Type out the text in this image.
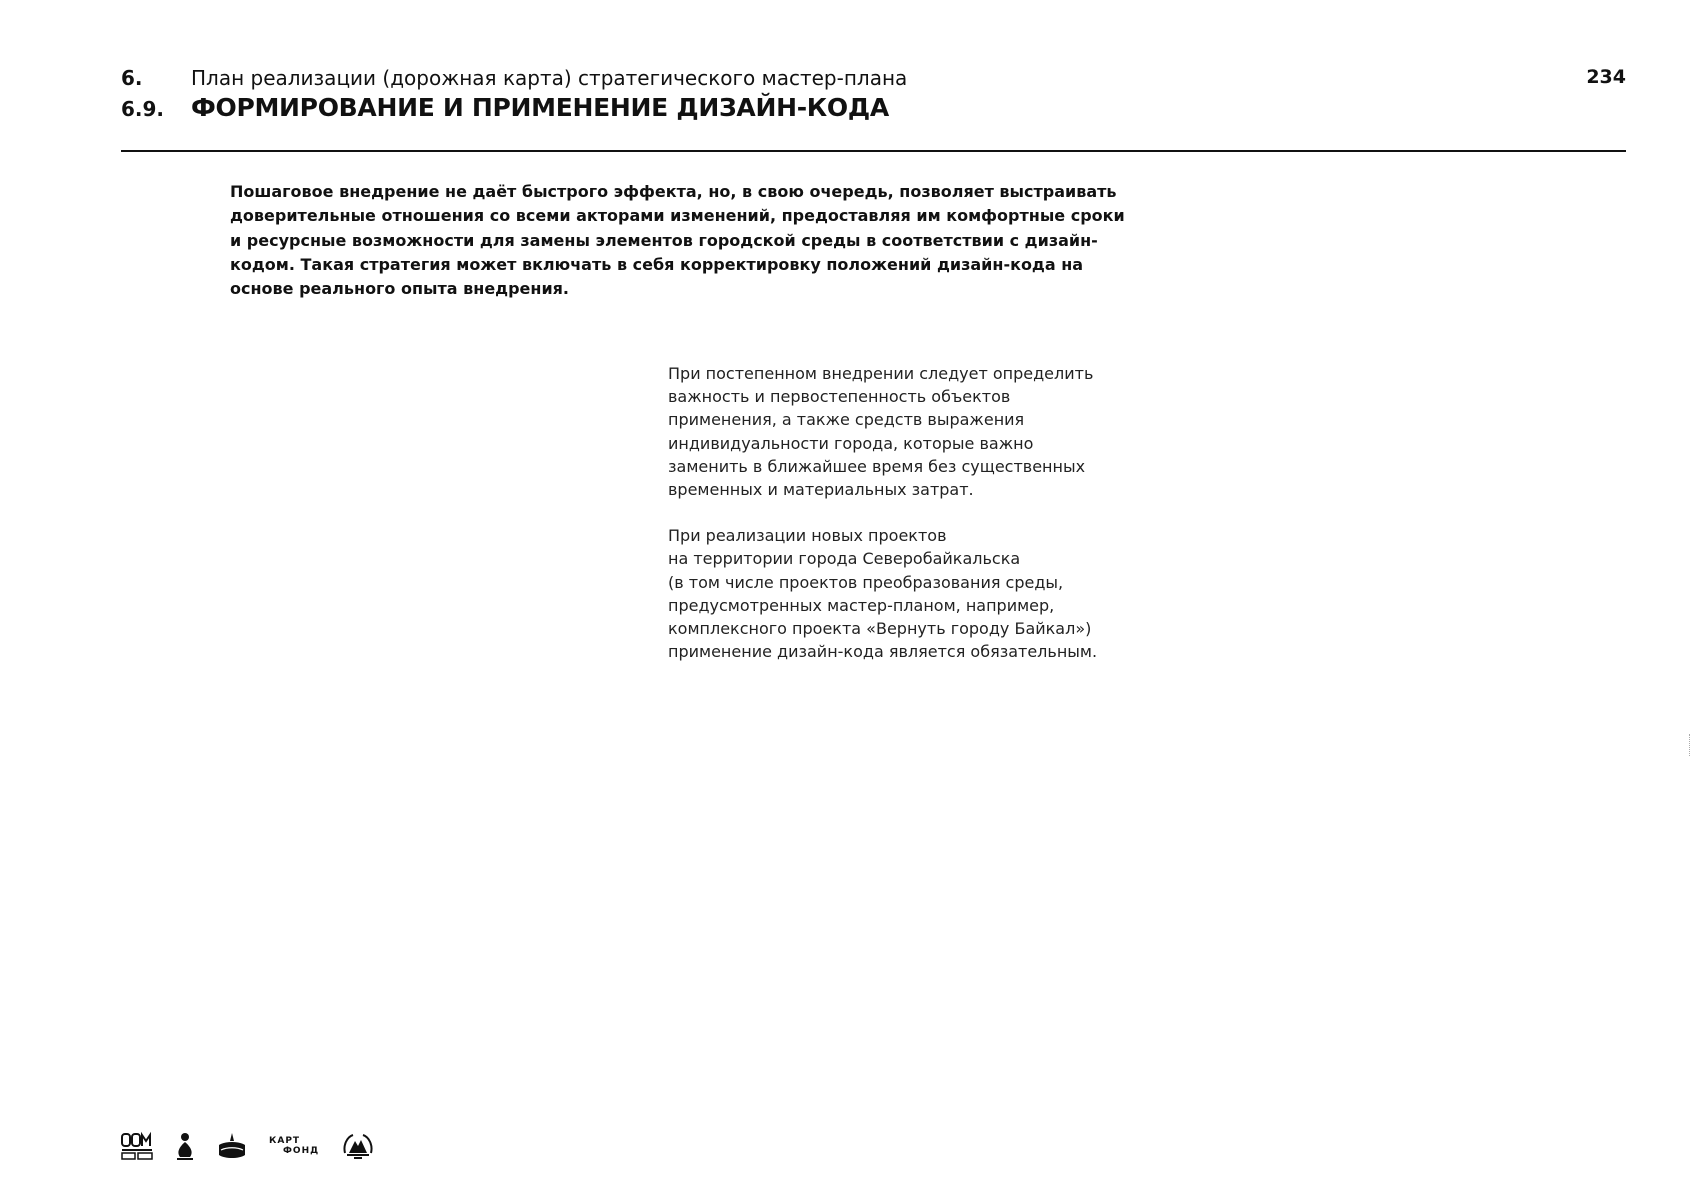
6.	План реализации (дорожная карта) стратегического мастер-плана
6.9.	ФОРМИРОВАНИЕ И ПРИМЕНЕНИЕ ДИЗАЙН-КОДА
234
Пошаговое внедрение не даёт быстрого эффекта, но, в свою очередь, позволяет выстраивать
доверительные отношения со всеми акторами изменений, предоставляя им комфортные сроки
и ресурсные возможности для замены элементов городской среды в соответствии с дизайн-
кодом. Такая стратегия может включать в себя корректировку положений дизайн-кода на
основе реального опыта внедрения.
При постепенном внедрении следует определить
важность и первостепенность объектов
применения, а также средств выражения
индивидуальности города, которые важно
заменить в ближайшее время без существенных
временных и материальных затрат.
При реализации новых проектов
на территории города Северобайкальска
(в том числе проектов преобразования среды,
предусмотренных мастер-планом, например,
комплексного проекта «Вернуть городу Байкал»)
применение дизайн-кода является обязательным.
КАРТ
ФОНД
